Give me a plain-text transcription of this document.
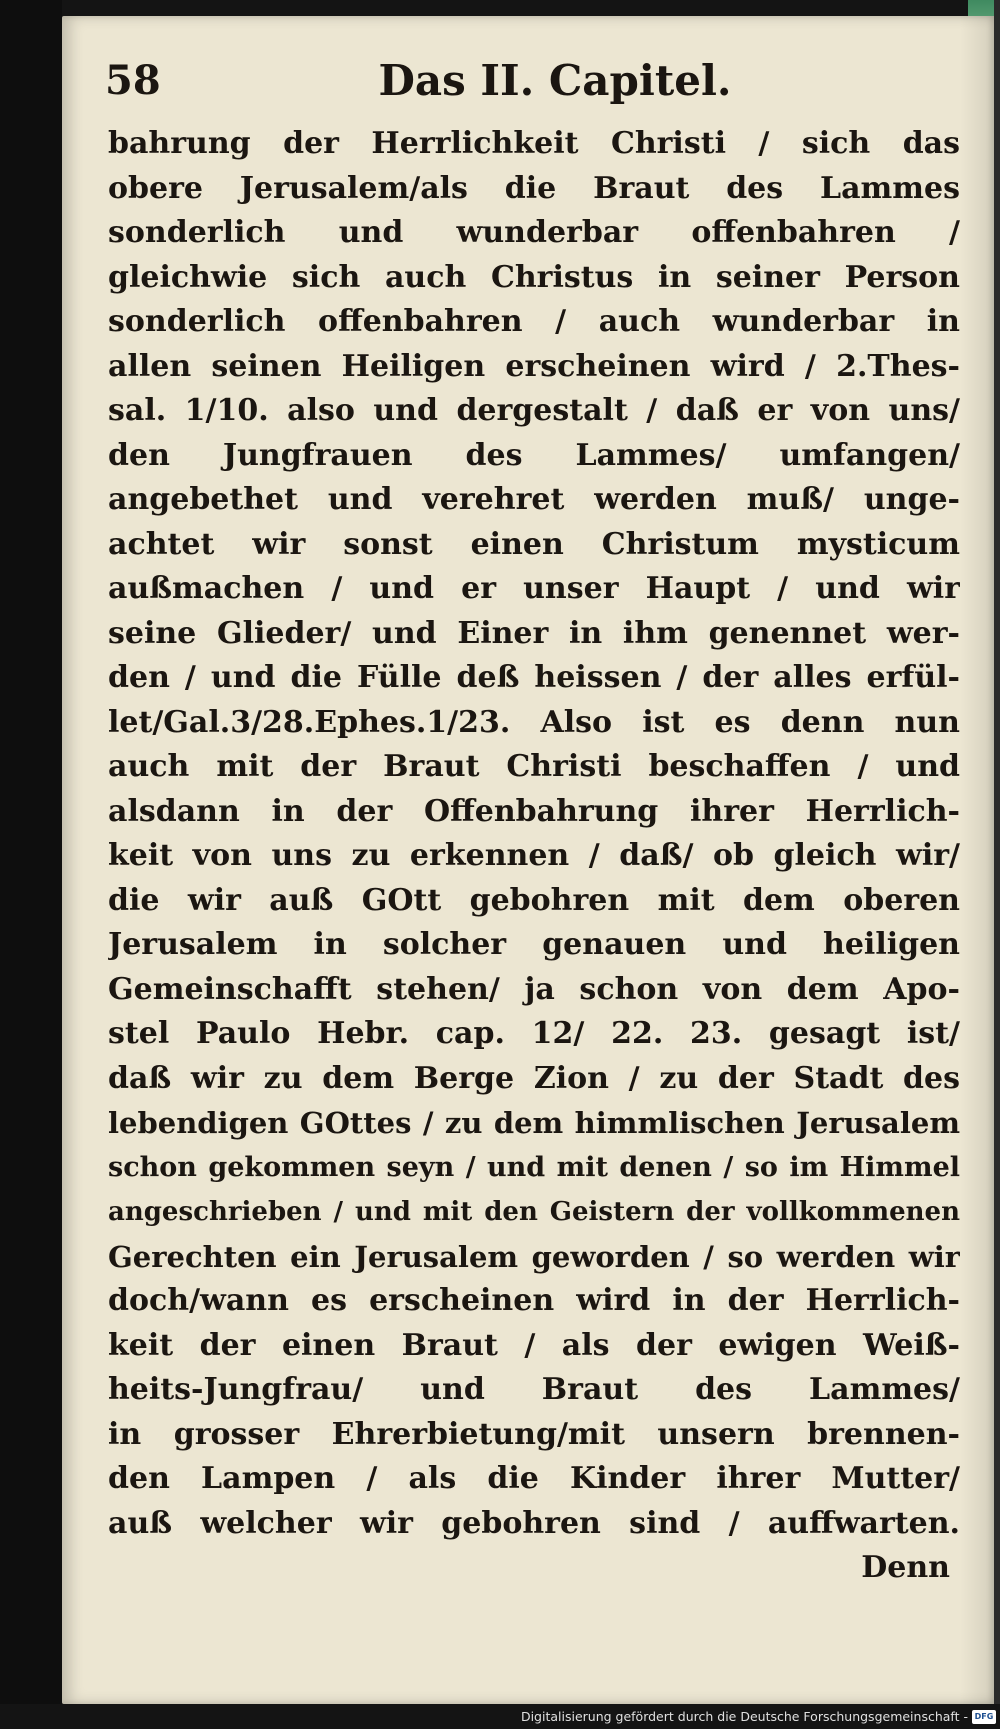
58	Das II. Capitel.
bahrung der Herrlichkeit Christi / sich das
obere Jerusalem/als die Braut des Lammes
sonderlich und wunderbar offenbahren /
gleichwie sich auch Christus in seiner Person
sonderlich offenbahren / auch wunderbar in
allen seinen Heiligen erscheinen wird / 2.Thes-
sal. 1/10. also und dergestalt / daß er von uns/
den Jungfrauen des Lammes/ umfangen/
angebethet und verehret werden muß/ unge-
achtet wir sonst einen Christum mysticum
außmachen / und er unser Haupt / und wir
seine Glieder/ und Einer in ihm genennet wer-
den / und die Fülle deß heissen / der alles erfül-
let/Gal.3/28.Ephes.1/23. Also ist es denn nun
auch mit der Braut Christi beschaffen / und
alsdann in der Offenbahrung ihrer Herrlich-
keit von uns zu erkennen / daß/ ob gleich wir/
die wir auß GOtt gebohren mit dem oberen
Jerusalem in solcher genauen und heiligen
Gemeinschafft stehen/ ja schon von dem Apo-
stel Paulo Hebr. cap. 12/ 22. 23. gesagt ist/
daß wir zu dem Berge Zion / zu der Stadt des
lebendigen GOttes / zu dem himmlischen Jerusalem
schon gekommen seyn / und mit denen / so im Himmel
angeschrieben / und mit den Geistern der vollkommenen
Gerechten ein Jerusalem geworden / so werden wir
doch/wann es erscheinen wird in der Herrlich-
keit der einen Braut / als der ewigen Weiß-
heits-Jungfrau/ und Braut des Lammes/
in grosser Ehrerbietung/mit unsern brennen-
den Lampen / als die Kinder ihrer Mutter/
auß welcher wir gebohren sind / auffwarten.
Denn
Digitalisierung gefördert durch die Deutsche Forschungsgemeinschaft - DFG
